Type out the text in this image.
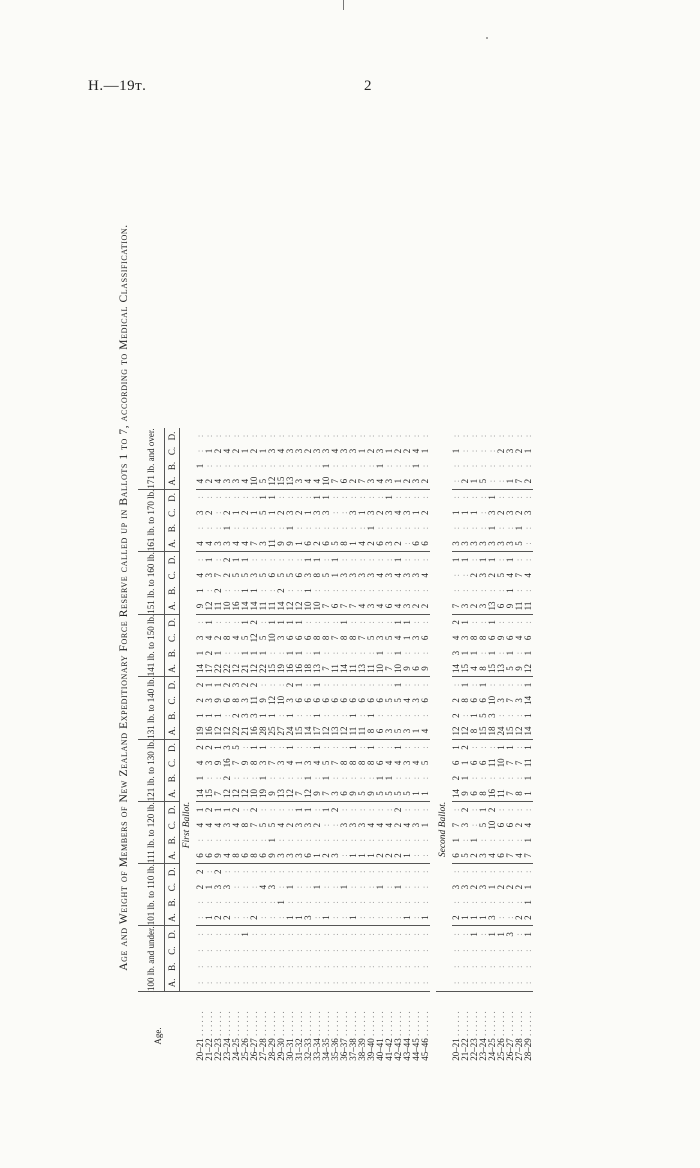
H.—19ᴛ.	2
Age and Weight of Members of New Zealand Expeditionary Force Reserve called up in Ballots 1 to 7, according to Medical Classification.
Age.	100 lb. and under.				101 lb. to 110 lb.				111 lb. to 120 lb.				121 lb. to 130 lb.				131 lb. to 140 lb.				141 lb. to 150 lb.				151 lb. to 160 lb.				161 lb. to 170 lb.				171 lb. and over.			
	A.	B.	C.	D.	A.	B.	C.	D.	A.	B.	C.	D.	A.	B.	C.	D.	A.	B.	C.	D.	A.	B.	C.	D.	A.	B.	C.	D.	A.	B.	C.	D.	A.	B.	C.	D.
	First Ballot.																																			
20–21 . . . . . .	:	:	:	:	:	:	2	2	6	:	4	1	14	1	4	2	19	1	2	2	14	1	3	:	9	1	4	:	4	:	3	:	4	1	:	:
21–22 . . . . . .	:	:	:	:	1	:	1	:	6	:	4	2	15	:	3	2	16	1	3	1	17	2	4	1	12	:	3	1	4	:	2	:	2	:	1	:
22–23 . . . . . .	:	:	:	:	2	:	3	2	9	:	4	1	7	:	9	1	12	1	9	1	22	1	2	:	11	2	7	:	3	:	:	:	4	:	2	:
23–24 . . . . . .	:	:	:	:	2	:	3	:	4	:	3	1	12	2	16	3	12	:	6	2	22	:	8	:	10	:	2	2	3	1	2	:	3	:	4	:
24–25 . . . . . .	:	:	:	:	:	:	:	:	8	:	4	2	12	:	7	5	22	2	8	3	12	:	4	:	16	:	5	1	4	:	1	:	3	:	2	:
25–26 . . . . . .	:	:	:	1	:	:	:	:	6	:	8	:	12	:	9	:	21	3	3	2	21	1	5	1	14	1	5	1	4	:	2	:	4	:	1	:
26–27 . . . . . .	:	:	:	:	2	:	:	:	8	:	7	2	10	:	8	1	16	3	11	2	12	1	12	2	14	1	3	:	7	:	1	:	10	:	2	:
27–28 . . . . . .	:	:	:	:	:	:	4	:	6	:	5	:	19	1	3	1	28	1	9	:	22	1	5	:	11	:	5	:	3	:	5	1	5	:	1	:
28–29 . . . . . .	:	:	:	:	:	:	3	:	9	1	5	:	9	:	7	:	25	1	12	:	15	:	10	1	11	:	6	:	11	:	1	1	12	:	3	:
29–30 . . . . . .	:	:	:	:	:	1	:	:	3	:	4	:	13	:	3	:	27	:	10	:	19	:	3	1	14	2	5	:	9	:	2	:	15	:	4	:
30–31 . . . . . .	:	:	:	:	1	:	1	:	3	:	2	:	12	:	4	1	24	1	3	2	16	1	6	1	12	:	5	:	9	1	3	:	13	:	3	:
31–32 . . . . . .	:	:	:	:	1	:	:	:	3	:	3	1	7	:	1	:	15	:	6	1	16	1	6	1	12	:	6	:	1	:	2	:	3	:	3	:
32–33 . . . . . .	:	:	:	:	3	:	:	:	6	:	3	1	12	1	3	:	14	:	6	:	18	:	6	:	10	1	3	1	6	:	1	:	4	:	2	:
33–34 . . . . . .	:	:	:	:	:	:	1	:	1	:	2	:	9	:	4	1	17	1	6	1	13	1	8	:	10	:	8	1	2	:	3	1	4	:	3	:
34–35 . . . . . .	:	:	:	:	1	:	:	:	2	:	:	1	7	1	5	:	12	:	6	:	7	:	8	:	7	:	5	:	6	:	3	1	10	1	3	:
35–36 . . . . . .	:	:	:	:	:	:	:	:	3	:	:	2	3	:	7	:	13	:	6	:	11	:	7	:	6	:	1	1	5	:	:	:	7	:	4	:
36–37 . . . . . .	:	:	:	:	:	:	1	:	:	:	3	:	6	:	8	:	12	:	6	:	14	:	8	1	7	:	3	:	8	:	:	:	6	:	3	:
37–38 . . . . . .	:	:	:	:	1	:	:	:	1	:	3	:	9	:	8	1	11	1	6	:	11	:	8	:	7	:	3	:	1	:	3	:	2	:	3	:
38–39 . . . . . .	:	:	:	:	:	:	:	:	1	:	3	:	5	:	8	:	11	:	6	:	13	:	7	:	4	:	3	:	4	:	1	:	7	:	1	:
39–40 . . . . . .	:	:	:	:	:	:	:	:	1	:	4	:	9	:	8	1	8	1	6	:	11	:	5	:	3	:	3	:	2	1	3	:	3	:	2	:
40–41 . . . . . .	:	:	:	:	:	:	1	:	2	:	4	:	5	1	6	:	6	:	6	:	10	1	3	:	4	:	4	:	6	:	2	:	4	1	3	:
41–42 . . . . . .	:	:	:	:	:	:	:	:	2	:	4	:	5	1	4	:	3	:	5	:	7	:	5	:	6	:	3	:	3	:	3	1	3	:	1	:
42–43 . . . . . .	:	:	:	:	:	:	1	:	2	:	2	2	5	:	4	1	5	:	5	1	10	1	4	1	4	:	4	1	2	:	4	:	1	:	2	:
43–44 . . . . . .	:	:	:	:	1	:	:	:	1	:	4	:	5	:	3	:	3	:	4	:	9	:	1	1	3	:	3	:	:	:	3	:	2	:	2	:
44–45 . . . . . .	:	:	:	:	:	:	:	:	:	:	3	:	1	:	4	:	1	:	3	:	6	:	3	:	2	:	3	:	6	:	1	:	3	1	4	:
45–46 . . . . . .	:	:	:	:	1	:	:	:	:	:	1	:	1	:	5	:	4	:	6	:	9	:	6	:	2	:	4	:	6	:	2	:	2	:	1	:

	Second Ballot.																																			
20–21 . . . . . .	:	:	:	:	2	:	3	:	6	1	7	:	14	2	6	1	12	2	2	:	14	3	4	2	7	:	:	1	3	:	1	:	:	:	1	:
21–22 . . . . . .	:	:	:	:	1	:	3	:	5	:	3	2	9	1	1	2	12	:	8	1	15	1	3	1	3	:	:	1	3	:	1	:	2	:	:	:
22–23 . . . . . .	:	:	:	1	1	:	2	:	2	1	:	:	6	:	6	:	8	1	6	:	4	1	8	:	2	:	2	:	3	:	1	:	1	:	:	:
23–24 . . . . . .	:	:	:	:	1	:	3	:	3	:	5	1	8	:	6	:	15	5	6	1	8	:	8	:	3	:	3	1	3	:	:	:	5	:	:	:
24–25 . . . . . .	:	:	:	1	3	:	1	:	4	:	10	2	16	:	11	:	18	3	10	:	15	1	6	1	13	:	2	1	3	1	3	1	:	:	:	:
25–26 . . . . . .	:	:	:	1	:	:	2	:	6	:	6	:	11	:	10	1	24	:	3	:	13	:	9	:	6	:	5	:	3	:	2	:	:	:	2	:
26–27 . . . . . .	:	:	:	3	:	:	2	:	7	:	6	:	7	:	7	1	15	:	7	:	5	1	6	:	9	1	4	1	3	:	3	:	1	:	3	:
27–28 . . . . . .	:	:	:	:	2	:	2	:	4	:	2	:	8	:	7	:	12	:	3	:	9	:	4	:	11	:	7	:	5	1	2	:	7	:	2	:
28–29 . . . . . .	:	:	:	1	2	1	1	:	7	1	4	:	1	1	11	1	14	1	14	1	12	1	6	:	11	:	4	:	:	:	3	:	2	:	1	:
